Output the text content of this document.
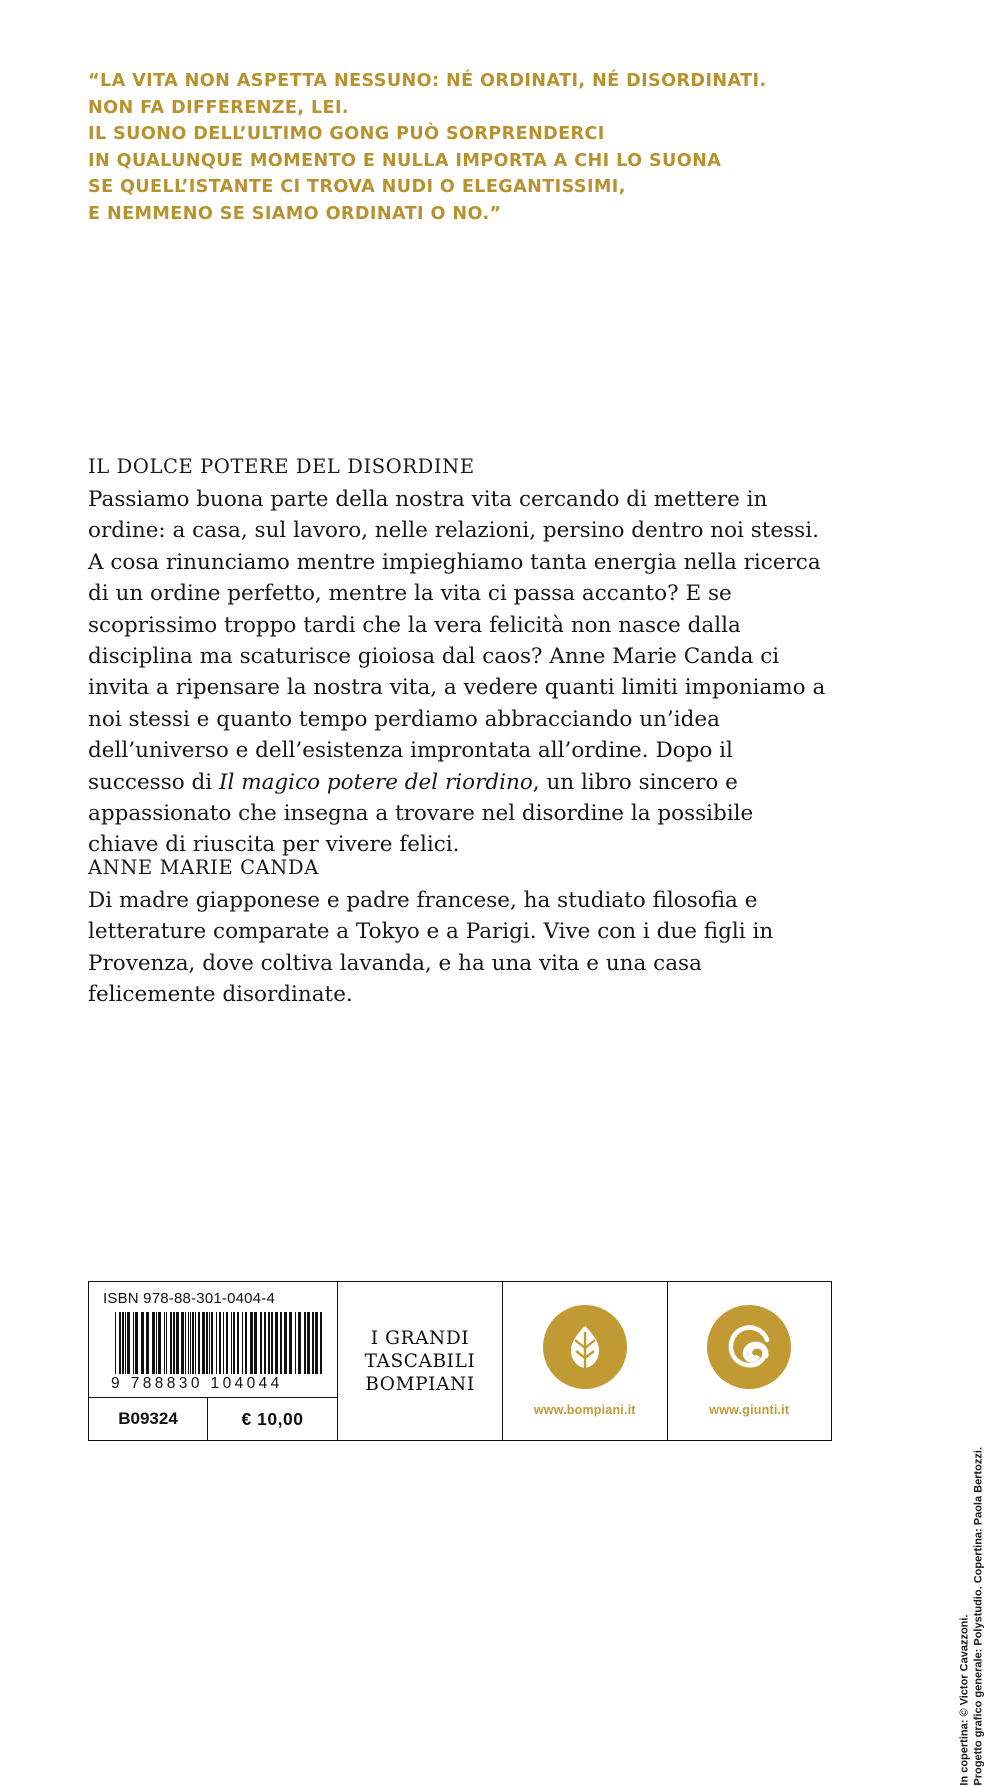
“LA VITA NON ASPETTA NESSUNO: NÉ ORDINATI, NÉ DISORDINATI.
NON FA DIFFERENZE, LEI.
IL SUONO DELL’ULTIMO GONG PUÒ SORPRENDERCI
IN QUALUNQUE MOMENTO E NULLA IMPORTA A CHI LO SUONA
SE QUELL’ISTANTE CI TROVA NUDI O ELEGANTISSIMI,
E NEMMENO SE SIAMO ORDINATI O NO.”
IL DOLCE POTERE DEL DISORDINE
Passiamo buona parte della nostra vita cercando di mettere in ordine: a casa, sul lavoro, nelle relazioni, persino dentro noi stessi. A cosa rinunciamo mentre impieghiamo tanta energia nella ricerca di un ordine perfetto, mentre la vita ci passa accanto? E se scoprissimo troppo tardi che la vera felicità non nasce dalla disciplina ma scaturisce gioiosa dal caos? Anne Marie Canda ci invita a ripensare la nostra vita, a vedere quanti limiti imponiamo a noi stessi e quanto tempo perdiamo abbracciando un’idea dell’universo e dell’esistenza improntata all’ordine. Dopo il successo di Il magico potere del riordino, un libro sincero e appassionato che insegna a trovare nel disordine la possibile chiave di riuscita per vivere felici.
ANNE MARIE CANDA
Di madre giapponese e padre francese, ha studiato filosofia e letterature comparate a Tokyo e a Parigi. Vive con i due figli in Provenza, dove coltiva lavanda, e ha una vita e una casa felicemente disordinate.
ISBN 978-88-301-0404-4
9 788830 104044
B09324	€ 10,00
I GRANDI
TASCABILI
BOMPIANI
www.bompiani.it	www.giunti.it
In copertina: © Victor Cavazzoni. Progetto grafico generale: Polystudio. Copertina: Paola Bertozzi.
